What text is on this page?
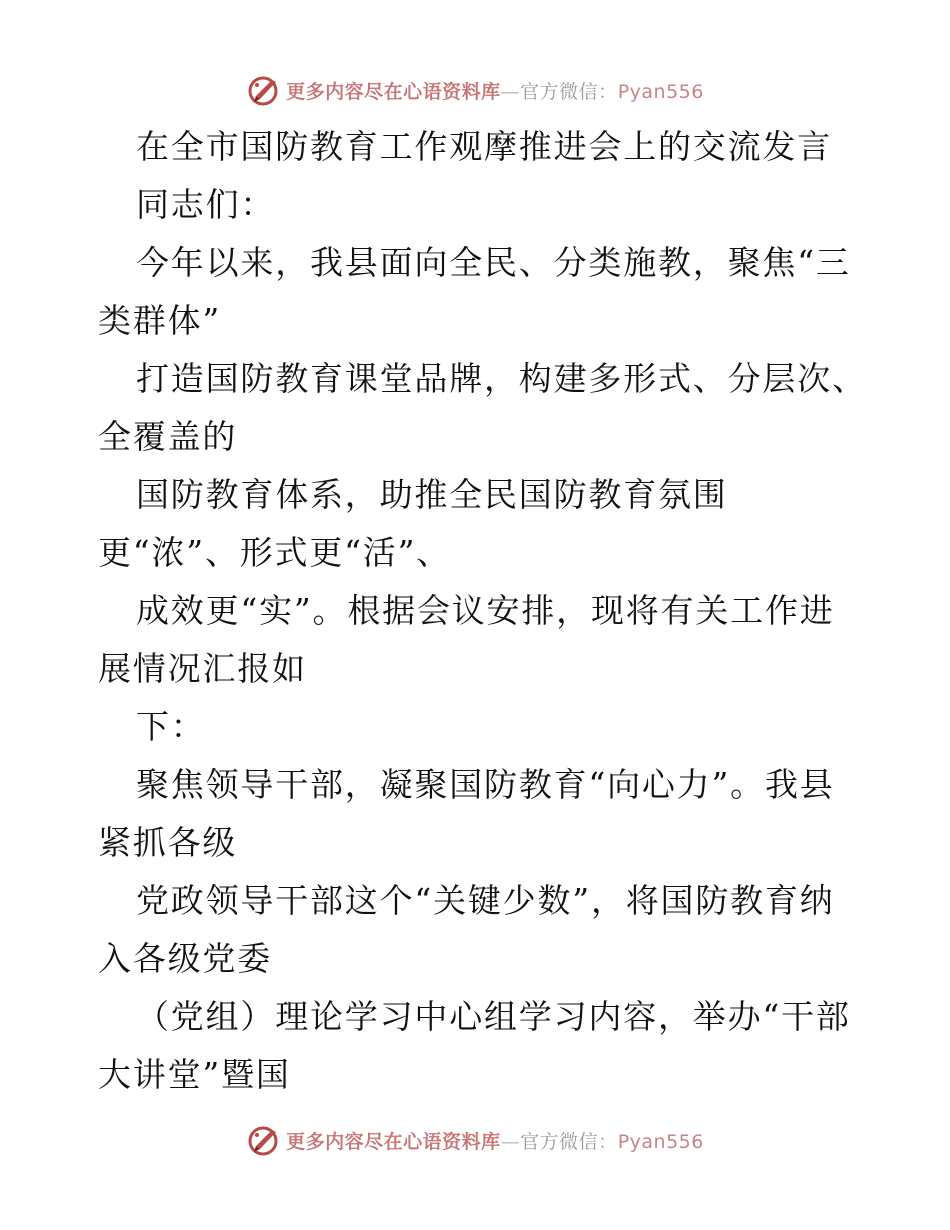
更多内容尽在心语资料库—官方微信：Pyan556
在全市国防教育工作观摩推进会上的交流发言
同志们：
今年以来，我县面向全民、分类施教，聚焦“三
类群体”
打造国防教育课堂品牌，构建多形式、分层次、
全覆盖的
国防教育体系，助推全民国防教育氛围
更“浓”、形式更“活”、
成效更“实”。根据会议安排，现将有关工作进
展情况汇报如
下：
聚焦领导干部，凝聚国防教育“向心力”。我县
紧抓各级
党政领导干部这个“关键少数”，将国防教育纳
入各级党委
（党组）理论学习中心组学习内容，举办“干部
大讲堂”暨国
更多内容尽在心语资料库—官方微信：Pyan556
